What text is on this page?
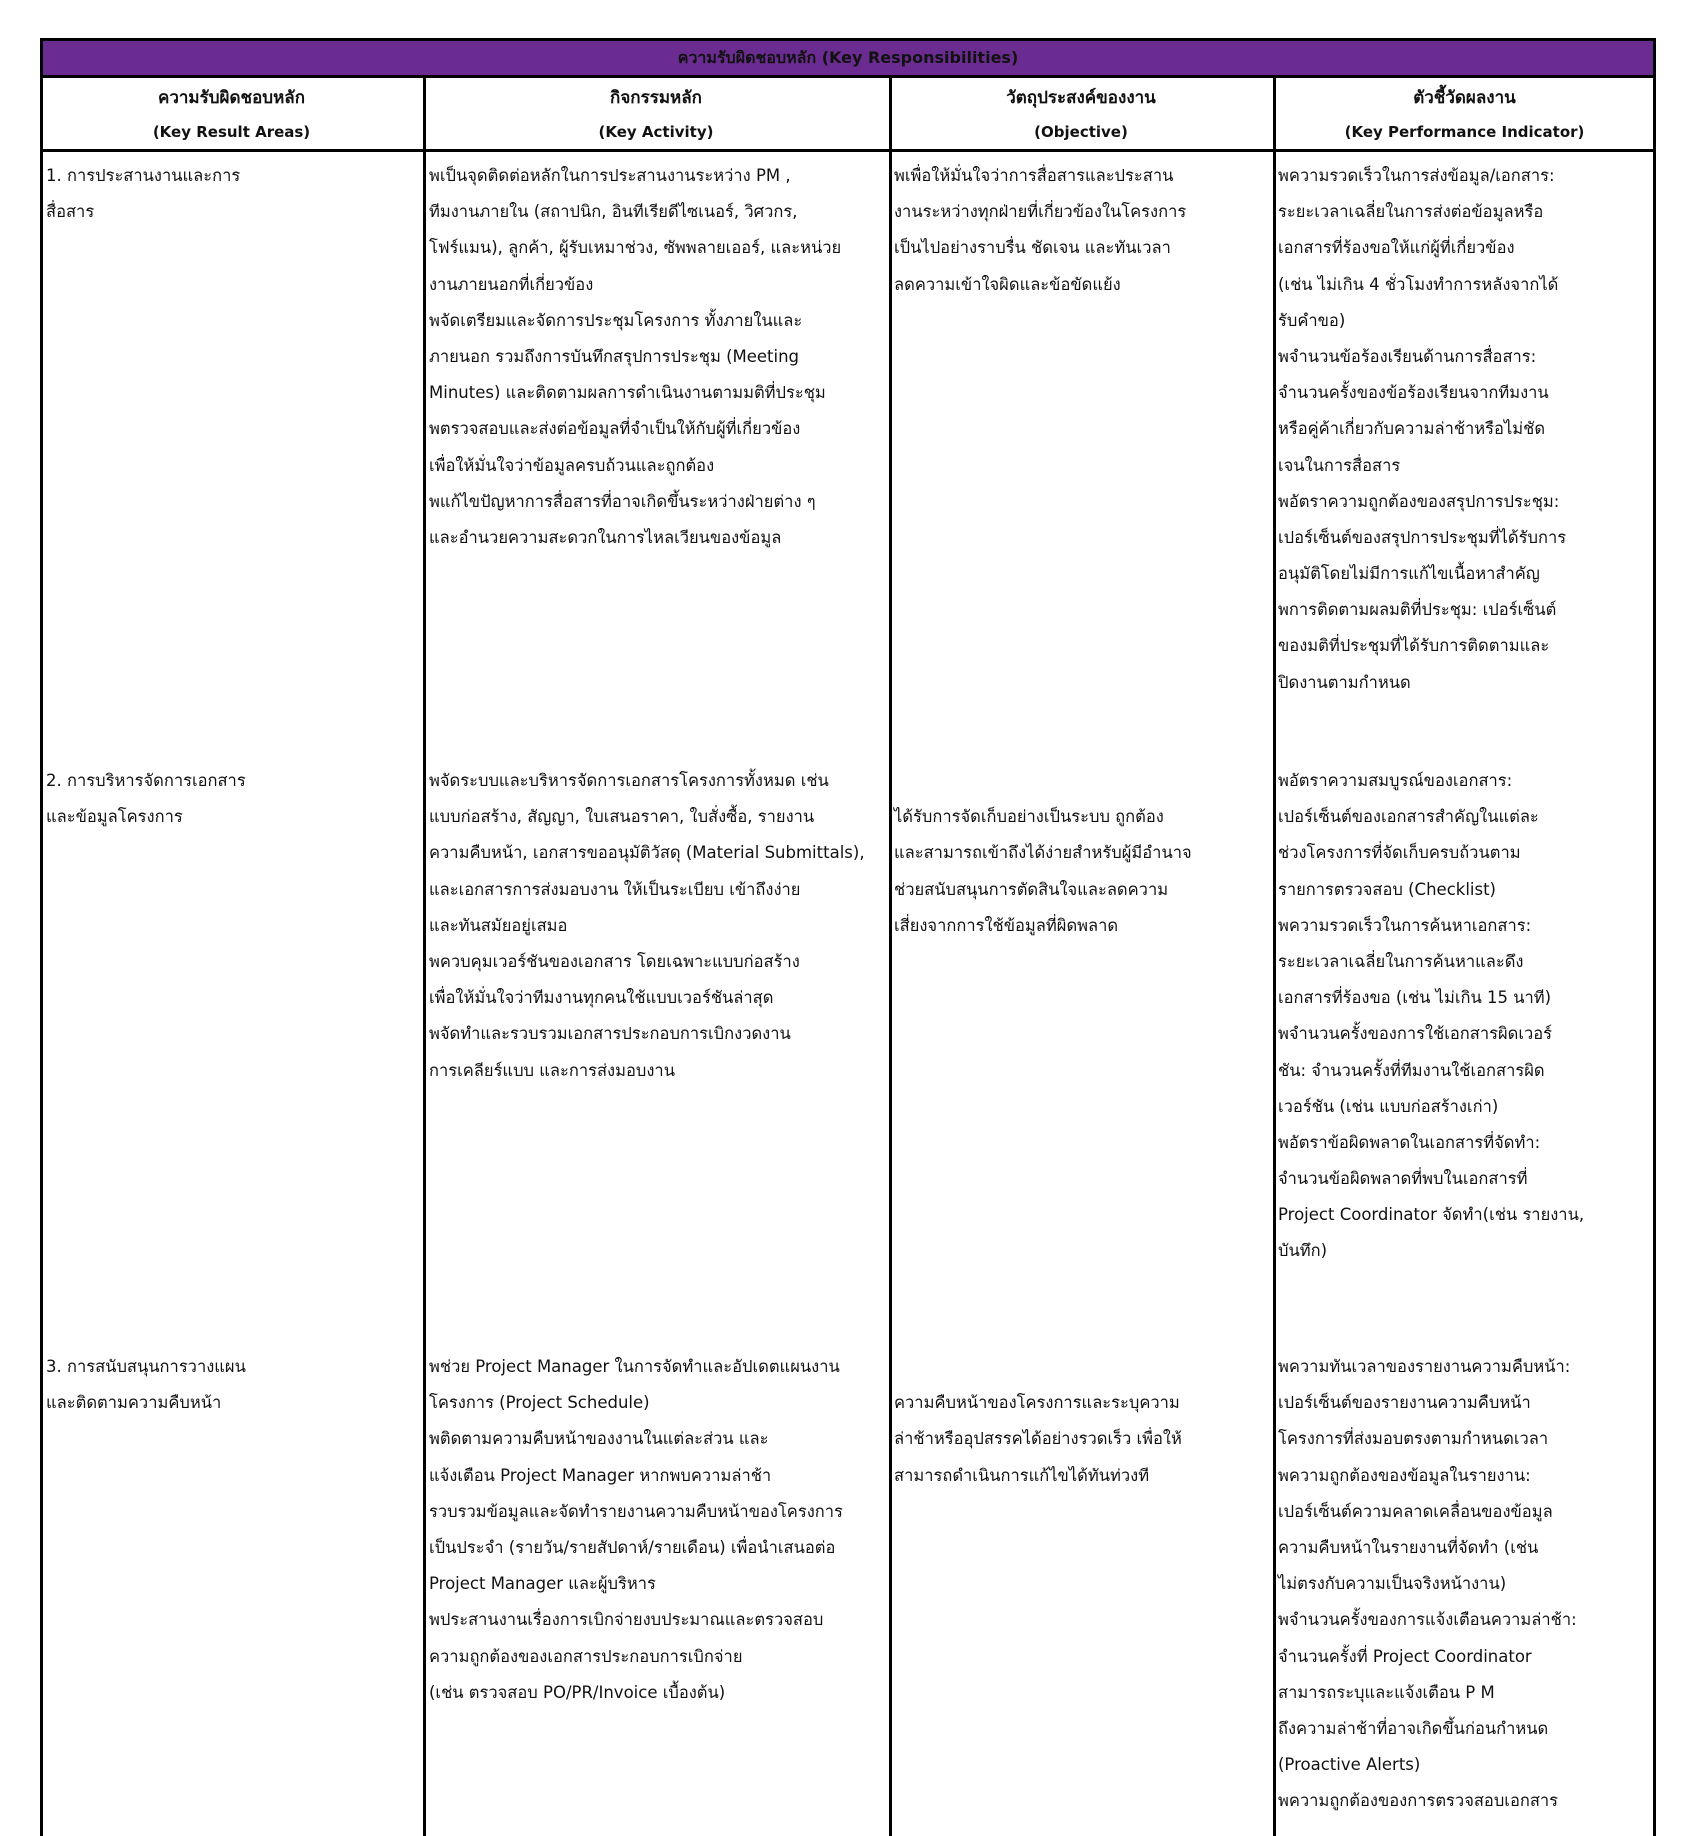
ความรับผิดชอบหลัก (Key Responsibilities)
ความรับผิดชอบหลัก
(Key Result Areas)
กิจกรรมหลัก
(Key Activity)
วัตถุประสงค์ของงาน
(Objective)
ตัวชี้วัดผลงาน
(Key Performance Indicator)
1. การประสานงานและการ
สื่อสาร
พเป็นจุดติดต่อหลักในการประสานงานระหว่าง PM ,
ทีมงานภายใน (สถาปนิก, อินทีเรียดีไซเนอร์, วิศวกร,
โฟร์แมน), ลูกค้า, ผู้รับเหมาช่วง, ซัพพลายเออร์, และหน่วย
งานภายนอกที่เกี่ยวข้อง
พจัดเตรียมและจัดการประชุมโครงการ ทั้งภายในและ
ภายนอก รวมถึงการบันทึกสรุปการประชุม (Meeting
Minutes) และติดตามผลการดำเนินงานตามมติที่ประชุม
พตรวจสอบและส่งต่อข้อมูลที่จำเป็นให้กับผู้ที่เกี่ยวข้อง
เพื่อให้มั่นใจว่าข้อมูลครบถ้วนและถูกต้อง
พแก้ไขปัญหาการสื่อสารที่อาจเกิดขึ้นระหว่างฝ่ายต่าง ๆ
และอำนวยความสะดวกในการไหลเวียนของข้อมูล
พเพื่อให้มั่นใจว่าการสื่อสารและประสาน
งานระหว่างทุกฝ่ายที่เกี่ยวข้องในโครงการ
เป็นไปอย่างราบรื่น ชัดเจน และทันเวลา
ลดความเข้าใจผิดและข้อขัดแย้ง
พความรวดเร็วในการส่งข้อมูล/เอกสาร:
ระยะเวลาเฉลี่ยในการส่งต่อข้อมูลหรือ
เอกสารที่ร้องขอให้แก่ผู้ที่เกี่ยวข้อง
(เช่น ไม่เกิน 4 ชั่วโมงทำการหลังจากได้
รับคำขอ)
พจำนวนข้อร้องเรียนด้านการสื่อสาร:
จำนวนครั้งของข้อร้องเรียนจากทีมงาน
หรือคู่ค้าเกี่ยวกับความล่าช้าหรือไม่ชัด
เจนในการสื่อสาร
พอัตราความถูกต้องของสรุปการประชุม:
เปอร์เซ็นต์ของสรุปการประชุมที่ได้รับการ
อนุมัติโดยไม่มีการแก้ไขเนื้อหาสำคัญ
พการติดตามผลมติที่ประชุม: เปอร์เซ็นต์
ของมติที่ประชุมที่ได้รับการติดตามและ
ปิดงานตามกำหนด
2. การบริหารจัดการเอกสาร
และข้อมูลโครงการ
พจัดระบบและบริหารจัดการเอกสารโครงการทั้งหมด เช่น
แบบก่อสร้าง, สัญญา, ใบเสนอราคา, ใบสั่งซื้อ, รายงาน
ความคืบหน้า, เอกสารขออนุมัติวัสดุ (Material Submittals),
และเอกสารการส่งมอบงาน ให้เป็นระเบียบ เข้าถึงง่าย
และทันสมัยอยู่เสมอ
พควบคุมเวอร์ชันของเอกสาร โดยเฉพาะแบบก่อสร้าง
เพื่อให้มั่นใจว่าทีมงานทุกคนใช้แบบเวอร์ชันล่าสุด
พจัดทำและรวบรวมเอกสารประกอบการเบิกงวดงาน
การเคลียร์แบบ และการส่งมอบงาน
ได้รับการจัดเก็บอย่างเป็นระบบ ถูกต้อง
และสามารถเข้าถึงได้ง่ายสำหรับผู้มีอำนาจ
ช่วยสนับสนุนการตัดสินใจและลดความ
เสี่ยงจากการใช้ข้อมูลที่ผิดพลาด
พอัตราความสมบูรณ์ของเอกสาร:
เปอร์เซ็นต์ของเอกสารสำคัญในแต่ละ
ช่วงโครงการที่จัดเก็บครบถ้วนตาม
รายการตรวจสอบ (Checklist)
พความรวดเร็วในการค้นหาเอกสาร:
ระยะเวลาเฉลี่ยในการค้นหาและดึง
เอกสารที่ร้องขอ (เช่น ไม่เกิน 15 นาที)
พจำนวนครั้งของการใช้เอกสารผิดเวอร์
ชัน: จำนวนครั้งที่ทีมงานใช้เอกสารผิด
เวอร์ชัน (เช่น แบบก่อสร้างเก่า)
พอัตราข้อผิดพลาดในเอกสารที่จัดทำ:
จำนวนข้อผิดพลาดที่พบในเอกสารที่
Project Coordinator จัดทำ(เช่น รายงาน,
บันทึก)
3. การสนับสนุนการวางแผน
และติดตามความคืบหน้า
พช่วย Project Manager ในการจัดทำและอัปเดตแผนงาน
โครงการ (Project Schedule)
พติดตามความคืบหน้าของงานในแต่ละส่วน และ
แจ้งเตือน Project Manager หากพบความล่าช้า
รวบรวมข้อมูลและจัดทำรายงานความคืบหน้าของโครงการ
เป็นประจำ (รายวัน/รายสัปดาห์/รายเดือน) เพื่อนำเสนอต่อ
Project Manager และผู้บริหาร
พประสานงานเรื่องการเบิกจ่ายงบประมาณและตรวจสอบ
ความถูกต้องของเอกสารประกอบการเบิกจ่าย
(เช่น ตรวจสอบ PO/PR/Invoice เบื้องต้น)
ความคืบหน้าของโครงการและระบุความ
ล่าช้าหรืออุปสรรคได้อย่างรวดเร็ว เพื่อให้
สามารถดำเนินการแก้ไขได้ทันท่วงที
พความทันเวลาของรายงานความคืบหน้า:
เปอร์เซ็นต์ของรายงานความคืบหน้า
โครงการที่ส่งมอบตรงตามกำหนดเวลา
พความถูกต้องของข้อมูลในรายงาน:
เปอร์เซ็นต์ความคลาดเคลื่อนของข้อมูล
ความคืบหน้าในรายงานที่จัดทำ (เช่น
ไม่ตรงกับความเป็นจริงหน้างาน)
พจำนวนครั้งของการแจ้งเตือนความล่าช้า:
จำนวนครั้งที่ Project Coordinator
สามารถระบุและแจ้งเตือน P M
ถึงความล่าช้าที่อาจเกิดขึ้นก่อนกำหนด
(Proactive Alerts)
พความถูกต้องของการตรวจสอบเอกสาร
